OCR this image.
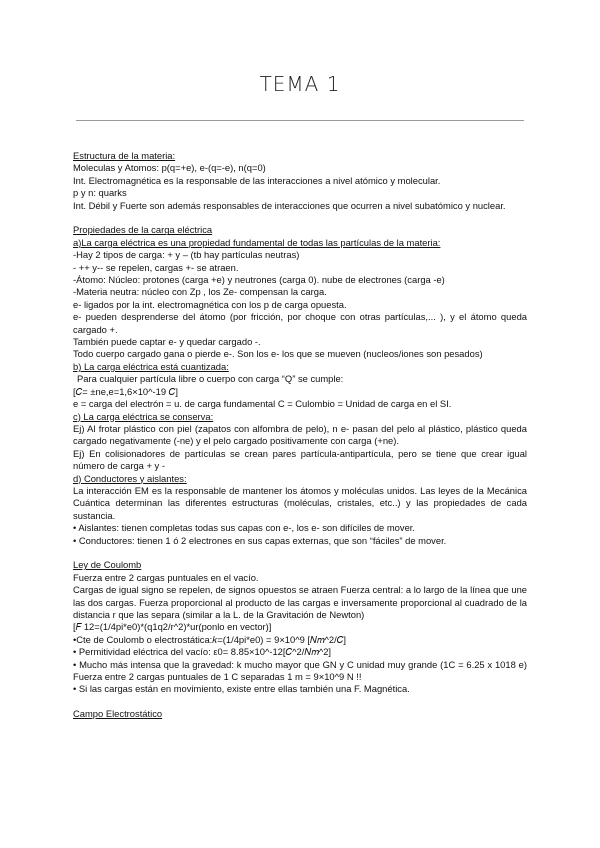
TEMA 1

Estructura de la materia:

Moleculas y Atomos: p(q=+e), e-(q=-e), n(q=0)

Int. Electromagnética es la responsable de las interacciones a nivel atómico y molecular.

p y n: quarks

Int. Débil y Fuerte son además responsables de interacciones que ocurren a nivel subatómico y nuclear.

Propiedades de la carga eléctrica

a)La carga eléctrica es una propiedad fundamental de todas las partículas de la materia:

-Hay 2 tipos de carga: + y – (tb hay partículas neutras)

- ++ y-- se repelen, cargas +- se atraen.

-Átomo: Núcleo: protones (carga +e) y neutrones (carga 0). nube de electrones (carga -e)

-Materia neutra: núcleo con Zp , los Ze- compensan la carga.

e- ligados por la int. electromagnética con los p de carga opuesta.

e- pueden desprenderse del átomo (por fricción, por choque con otras partículas,... ), y el átomo queda cargado +.

También puede captar e- y quedar cargado -.

Todo cuerpo cargado gana o pierde e-. Son los e- los que se mueven (nucleos/iones son pesados)

b) La carga eléctrica está cuantizada:

Para cualquier partícula libre o cuerpo con carga “Q” se cumple:

[𝐶= ±ne,e=1,6×10^-19 𝐶]

e = carga del electrón = u. de carga fundamental C = Culombio = Unidad de carga en el SI.

c) La carga eléctrica se conserva:

Ej) Al frotar plástico con piel (zapatos con alfombra de pelo), n e- pasan del pelo al plástico, plástico queda cargado negativamente (-ne) y el pelo cargado positivamente con carga (+ne).

Ej) En colisionadores de partículas se crean pares partícula-antipartícula, pero se tiene que crear igual número de carga + y -

d) Conductores y aislantes:

La interacción EM es la responsable de mantener los átomos y moléculas unidos. Las leyes de la Mecánica Cuántica determinan las diferentes estructuras (moléculas, cristales, etc..) y las propiedades de cada sustancia.

• Aislantes: tienen completas todas sus capas con e-, los e- son difíciles de mover.

• Conductores: tienen 1 ó 2 electrones en sus capas externas, que son “fáciles” de mover.

Ley de Coulomb

Fuerza entre 2 cargas puntuales en el vacío.

Cargas de igual signo se repelen, de signos opuestos se atraen Fuerza central: a lo largo de la línea que une las dos cargas. Fuerza proporcional al producto de las cargas e inversamente proporcional al cuadrado de la distancia r que las separa (similar a la L. de la Gravitación de Newton)

[𝐹 12=(1/4pi*e0)*(q1q2/r^2)*ur(ponlo en vector)]

•Cte de Coulomb o electrostática:𝑘=(1/4pi*e0) = 9×10^9 [𝑁𝑚^2/𝐶]

• Permitividad eléctrica del vacío: ε0= 8.85×10^-12[𝐶^2/𝑁𝑚^2]

• Mucho más intensa que la gravedad: k mucho mayor que GN y C unidad muy grande (1C = 6.25 x 1018 e) Fuerza entre 2 cargas puntuales de 1 C separadas 1 m = 9×10^9 N !!

• Si las cargas están en movimiento, existe entre ellas también una F. Magnética.

Campo Electrostático
